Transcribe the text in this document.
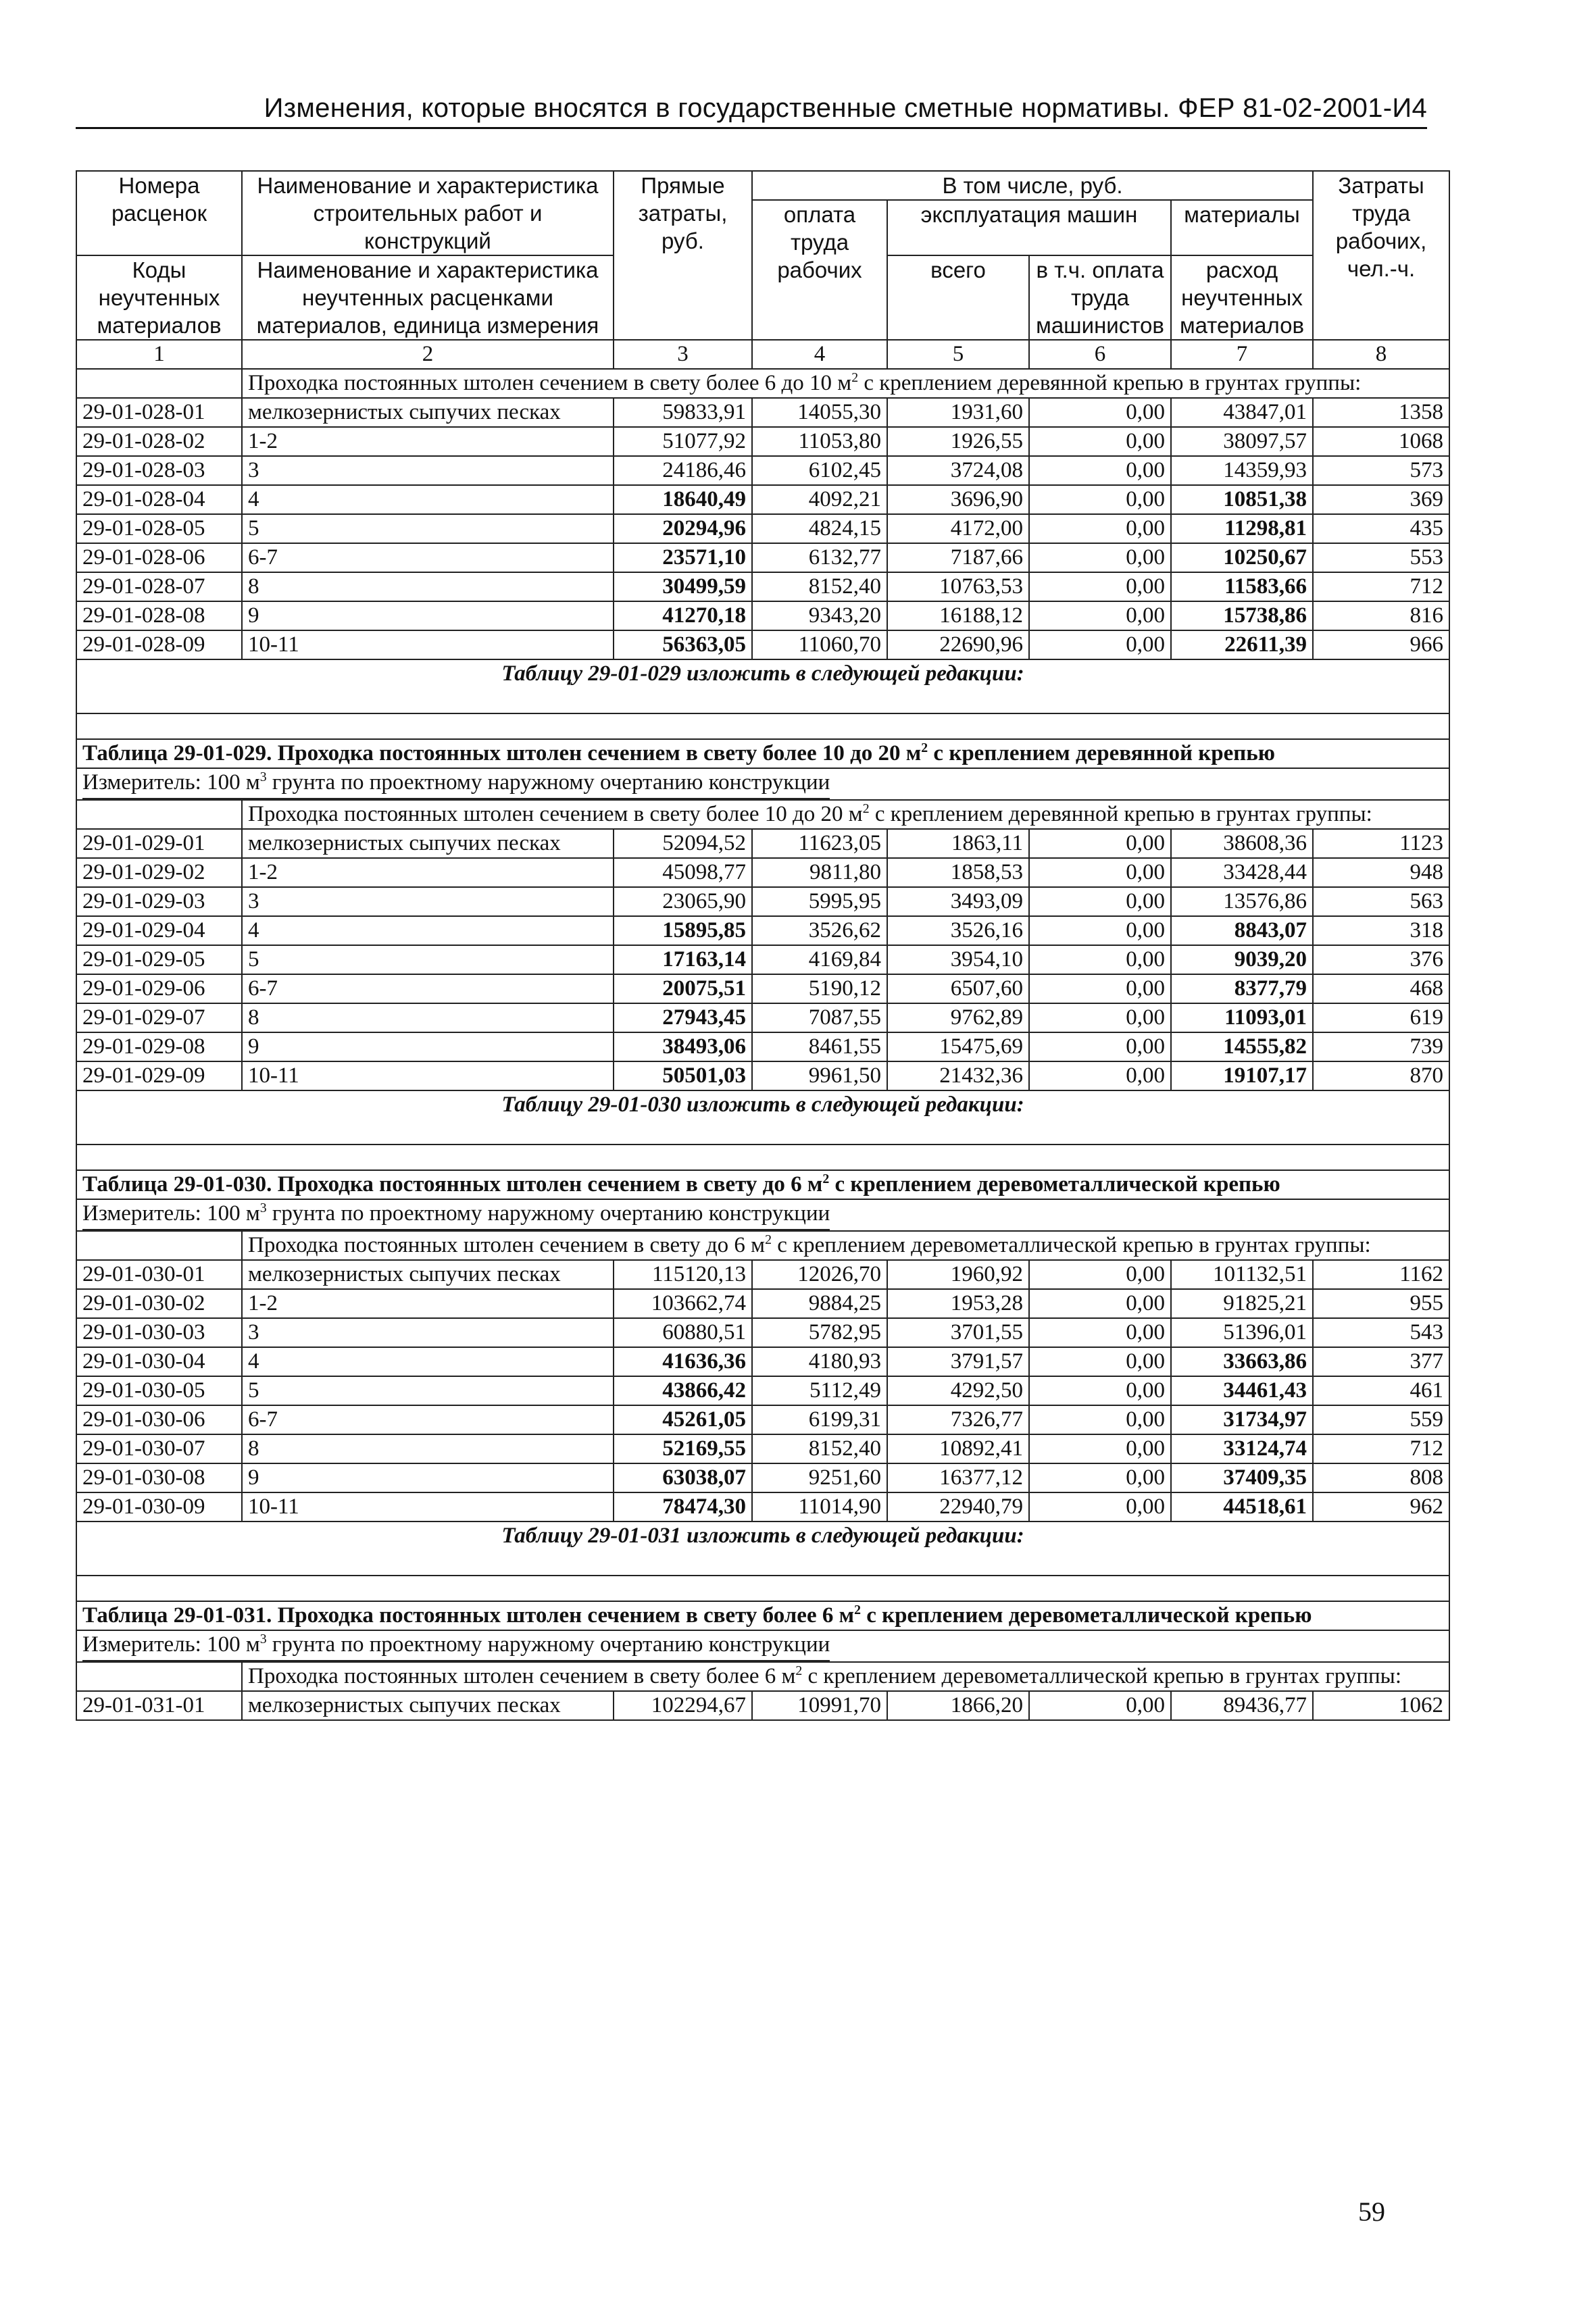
Изменения, которые вносятся в государственные сметные нормативы. ФЕР 81-02-2001-И4
Номера расценок	Наименование и характеристика строительных работ и конструкций	Прямые затраты, руб.	В том числе, руб.				Затраты труда рабочих, чел.-ч.
			оплата труда рабочих	эксплуатация машин		материалы	
Коды неучтенных материалов	Наименование и характеристика неучтенных расценками материалов, единица измерения			всего	в т.ч. оплата труда машинистов	расход неучтенных материалов	

1	2	3	4	5	6	7	8
	Проходка постоянных штолен сечением в свету более 6 до 10 $м^2$ с креплением деревянной крепью в грунтах группы:						
29-01-028-01	мелкозернистых сыпучих песках	59833,91	14055,30	1931,60	0,00	43847,01	1358
29-01-028-02	1-2	51077,92	11053,80	1926,55	0,00	38097,57	1068
29-01-028-03	3	24186,46	6102,45	3724,08	0,00	14359,93	573
29-01-028-04	4	18640,49	4092,21	3696,90	0,00	10851,38	369
29-01-028-05	5	20294,96	4824,15	4172,00	0,00	11298,81	435
29-01-028-06	6-7	23571,10	6132,77	7187,66	0,00	10250,67	553
29-01-028-07	8	30499,59	8152,40	10763,53	0,00	11583,66	712
29-01-028-08	9	41270,18	9343,20	16188,12	0,00	15738,86	816
29-01-028-09	10-11	56363,05	11060,70	22690,96	0,00	22611,39	966
Таблицу 29-01-029 изложить в следующей редакции:							

Таблица 29-01-029. Проходка постоянных штолен сечением в свету более 10 до 20 $м^2$ с креплением деревянной крепью							
Измеритель: 100 $м^3$ грунта по проектному наружному очертанию конструкции							
	Проходка постоянных штолен сечением в свету более 10 до 20 $м^2$ с креплением деревянной крепью в грунтах группы:						
29-01-029-01	мелкозернистых сыпучих песках	52094,52	11623,05	1863,11	0,00	38608,36	1123
29-01-029-02	1-2	45098,77	9811,80	1858,53	0,00	33428,44	948
29-01-029-03	3	23065,90	5995,95	3493,09	0,00	13576,86	563
29-01-029-04	4	15895,85	3526,62	3526,16	0,00	8843,07	318
29-01-029-05	5	17163,14	4169,84	3954,10	0,00	9039,20	376
29-01-029-06	6-7	20075,51	5190,12	6507,60	0,00	8377,79	468
29-01-029-07	8	27943,45	7087,55	9762,89	0,00	11093,01	619
29-01-029-08	9	38493,06	8461,55	15475,69	0,00	14555,82	739
29-01-029-09	10-11	50501,03	9961,50	21432,36	0,00	19107,17	870
Таблицу 29-01-030 изложить в следующей редакции:							

Таблица 29-01-030. Проходка постоянных штолен сечением в свету до 6 $м^2$ с креплением деревометаллической крепью							
Измеритель: 100 $м^3$ грунта по проектному наружному очертанию конструкции							
	Проходка постоянных штолен сечением в свету до 6 $м^2$ с креплением деревометаллической крепью в грунтах группы:						
29-01-030-01	мелкозернистых сыпучих песках	115120,13	12026,70	1960,92	0,00	101132,51	1162
29-01-030-02	1-2	103662,74	9884,25	1953,28	0,00	91825,21	955
29-01-030-03	3	60880,51	5782,95	3701,55	0,00	51396,01	543
29-01-030-04	4	41636,36	4180,93	3791,57	0,00	33663,86	377
29-01-030-05	5	43866,42	5112,49	4292,50	0,00	34461,43	461
29-01-030-06	6-7	45261,05	6199,31	7326,77	0,00	31734,97	559
29-01-030-07	8	52169,55	8152,40	10892,41	0,00	33124,74	712
29-01-030-08	9	63038,07	9251,60	16377,12	0,00	37409,35	808
29-01-030-09	10-11	78474,30	11014,90	22940,79	0,00	44518,61	962
Таблицу 29-01-031 изложить в следующей редакции:							

Таблица 29-01-031. Проходка постоянных штолен сечением в свету более 6 $м^2$ с креплением деревометаллической крепью							
Измеритель: 100 $м^3$ грунта по проектному наружному очертанию конструкции							
	Проходка постоянных штолен сечением в свету более 6 $м^2$ с креплением деревометаллической крепью в грунтах группы:						
29-01-031-01	мелкозернистых сыпучих песках	102294,67	10991,70	1866,20	0,00	89436,77	1062
59
